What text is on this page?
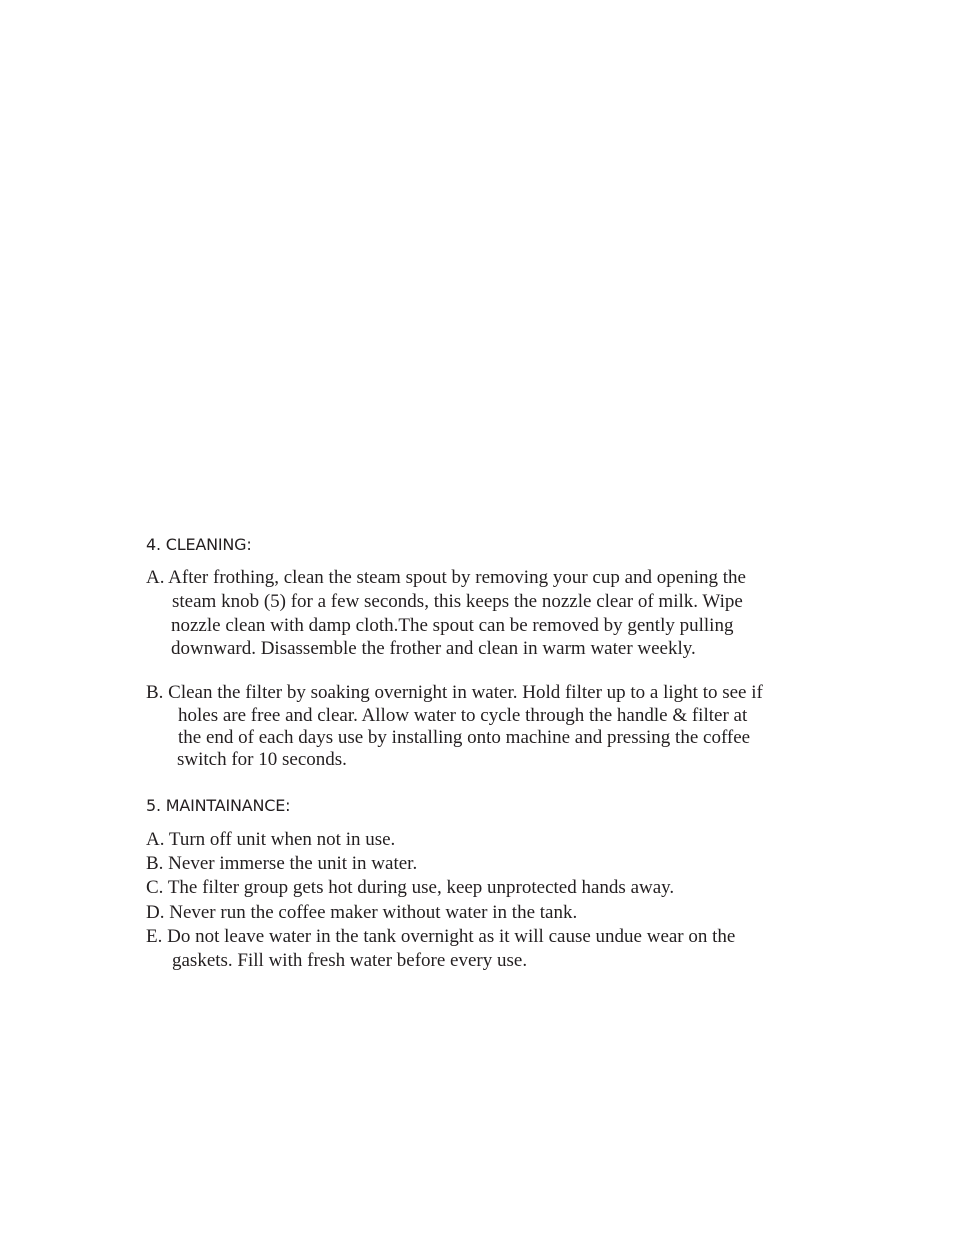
4. CLEANING:
A. After frothing, clean the steam spout by removing your cup and opening the
steam knob (5) for a few seconds, this keeps the nozzle clear of milk. Wipe
nozzle clean with damp cloth.The spout can be removed by gently pulling
downward. Disassemble the frother and clean in warm water weekly.
B. Clean the filter by soaking overnight in water. Hold filter up to a light to see if
holes are free and clear. Allow water to cycle through the handle & filter at
the end of each days use by installing onto machine and pressing the coffee
switch for 10 seconds.
5. MAINTAINANCE:
A. Turn off unit when not in use.
B. Never immerse the unit in water.
C. The filter group gets hot during use, keep unprotected hands away.
D. Never run the coffee maker without water in the tank.
E. Do not leave water in the tank overnight as it will cause undue wear on the
gaskets. Fill with fresh water before every use.
